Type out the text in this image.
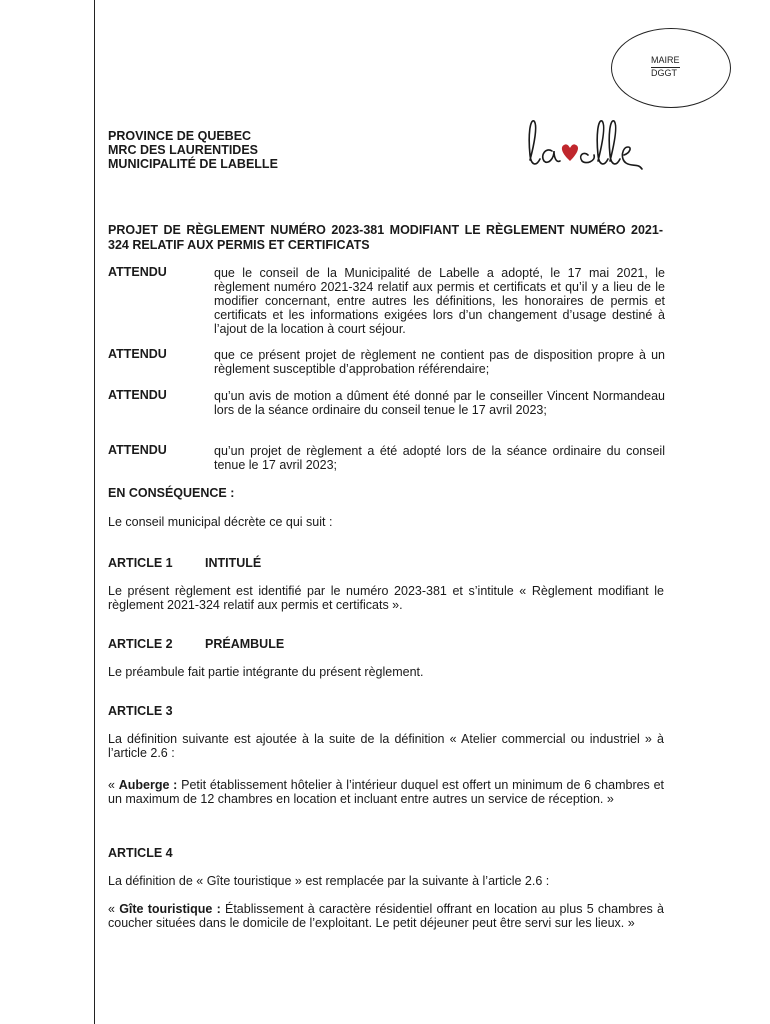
MAIRE
DGGT
PROVINCE DE QUEBEC
MRC DES LAURENTIDES
MUNICIPALITÉ DE LABELLE
PROJET DE RÈGLEMENT NUMÉRO 2023-381 MODIFIANT LE RÈGLEMENT NUMÉRO 2021-324 RELATIF AUX PERMIS ET CERTIFICATS
ATTENDU	que le conseil de la Municipalité de Labelle a adopté, le 17 mai 2021, le règlement numéro 2021-324 relatif aux permis et certificats et qu’il y a lieu de le modifier concernant, entre autres les définitions, les honoraires de permis et certificats et les informations exigées lors d’un changement d’usage destiné à l’ajout de la location à court séjour.
ATTENDU	que ce présent projet de règlement ne contient pas de disposition propre à un règlement susceptible d’approbation référendaire;
ATTENDU	qu’un avis de motion a dûment été donné par le conseiller Vincent Normandeau lors de la séance ordinaire du conseil tenue le 17 avril 2023;
ATTENDU	qu’un projet de règlement a été adopté lors de la séance ordinaire du conseil tenue le 17 avril 2023;
EN CONSÉQUENCE :
Le conseil municipal décrète ce qui suit :
ARTICLE 1	INTITULÉ
Le présent règlement est identifié par le numéro 2023-381 et s’intitule « Règlement modifiant le règlement 2021-324 relatif aux permis et certificats ».
ARTICLE 2	PRÉAMBULE
Le préambule fait partie intégrante du présent règlement.
ARTICLE 3
La définition suivante est ajoutée à la suite de la définition « Atelier commercial ou industriel » à l’article 2.6 :
« Auberge : Petit établissement hôtelier à l’intérieur duquel est offert un minimum de 6 chambres et un maximum de 12 chambres en location et incluant entre autres un service de réception. »
ARTICLE 4
La définition de « Gîte touristique » est remplacée par la suivante à l’article 2.6 :
« Gîte touristique : Établissement à caractère résidentiel offrant en location au plus 5 chambres à coucher situées dans le domicile de l’exploitant. Le petit déjeuner peut être servi sur les lieux. »
